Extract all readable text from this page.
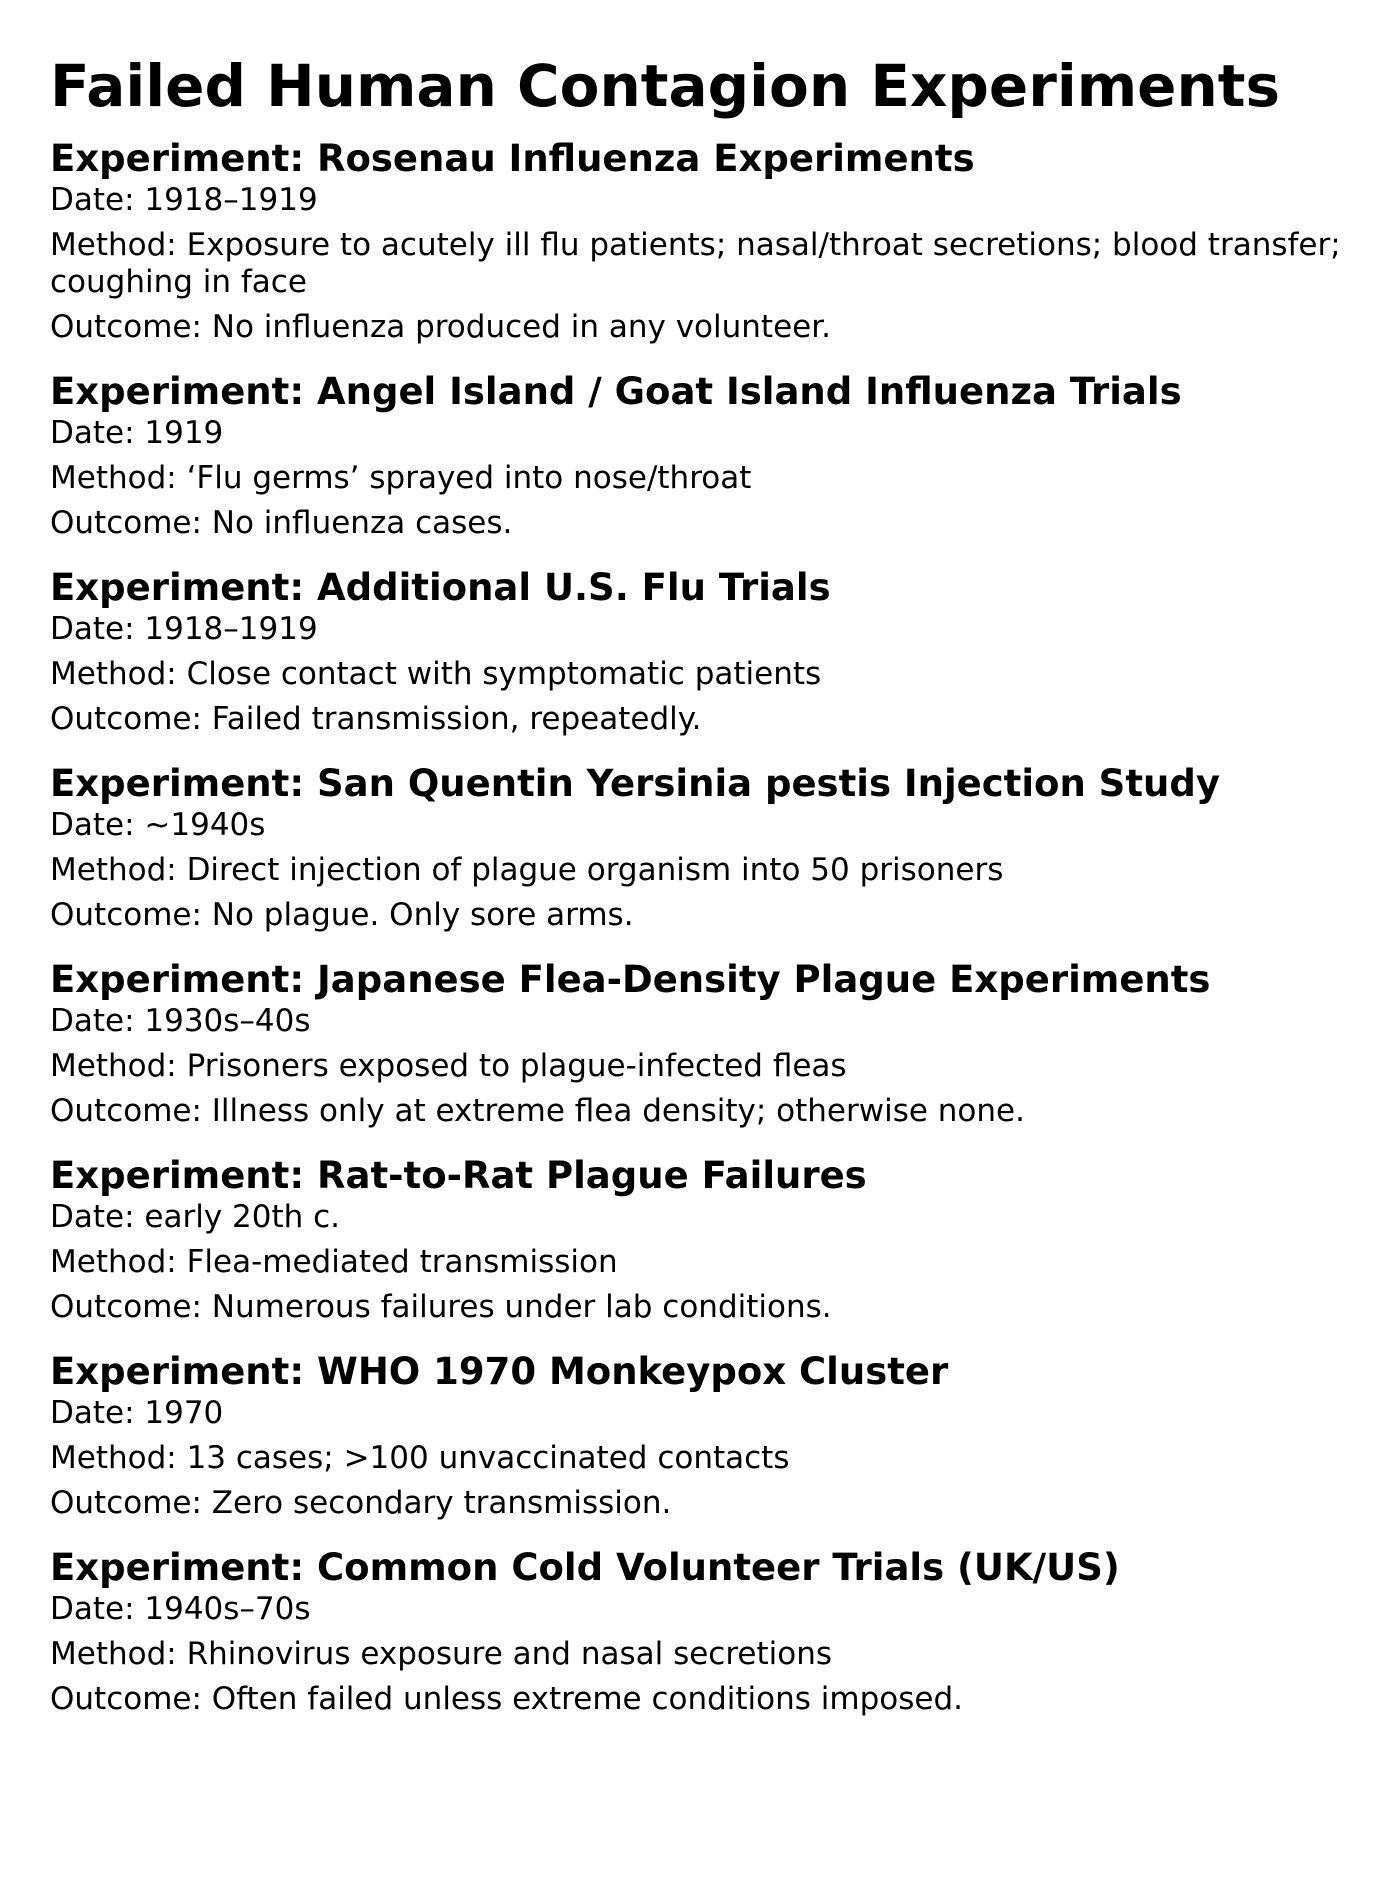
Failed Human Contagion Experiments
Experiment: Rosenau Influenza Experiments
Date: 1918–1919
Method: Exposure to acutely ill flu patients; nasal/throat secretions; blood transfer; coughing in face
Outcome: No influenza produced in any volunteer.
Experiment: Angel Island / Goat Island Influenza Trials
Date: 1919
Method: ‘Flu germs’ sprayed into nose/throat
Outcome: No influenza cases.
Experiment: Additional U.S. Flu Trials
Date: 1918–1919
Method: Close contact with symptomatic patients
Outcome: Failed transmission, repeatedly.
Experiment: San Quentin Yersinia pestis Injection Study
Date: ~1940s
Method: Direct injection of plague organism into 50 prisoners
Outcome: No plague. Only sore arms.
Experiment: Japanese Flea-Density Plague Experiments
Date: 1930s–40s
Method: Prisoners exposed to plague-infected fleas
Outcome: Illness only at extreme flea density; otherwise none.
Experiment: Rat-to-Rat Plague Failures
Date: early 20th c.
Method: Flea-mediated transmission
Outcome: Numerous failures under lab conditions.
Experiment: WHO 1970 Monkeypox Cluster
Date: 1970
Method: 13 cases; >100 unvaccinated contacts
Outcome: Zero secondary transmission.
Experiment: Common Cold Volunteer Trials (UK/US)
Date: 1940s–70s
Method: Rhinovirus exposure and nasal secretions
Outcome: Often failed unless extreme conditions imposed.
